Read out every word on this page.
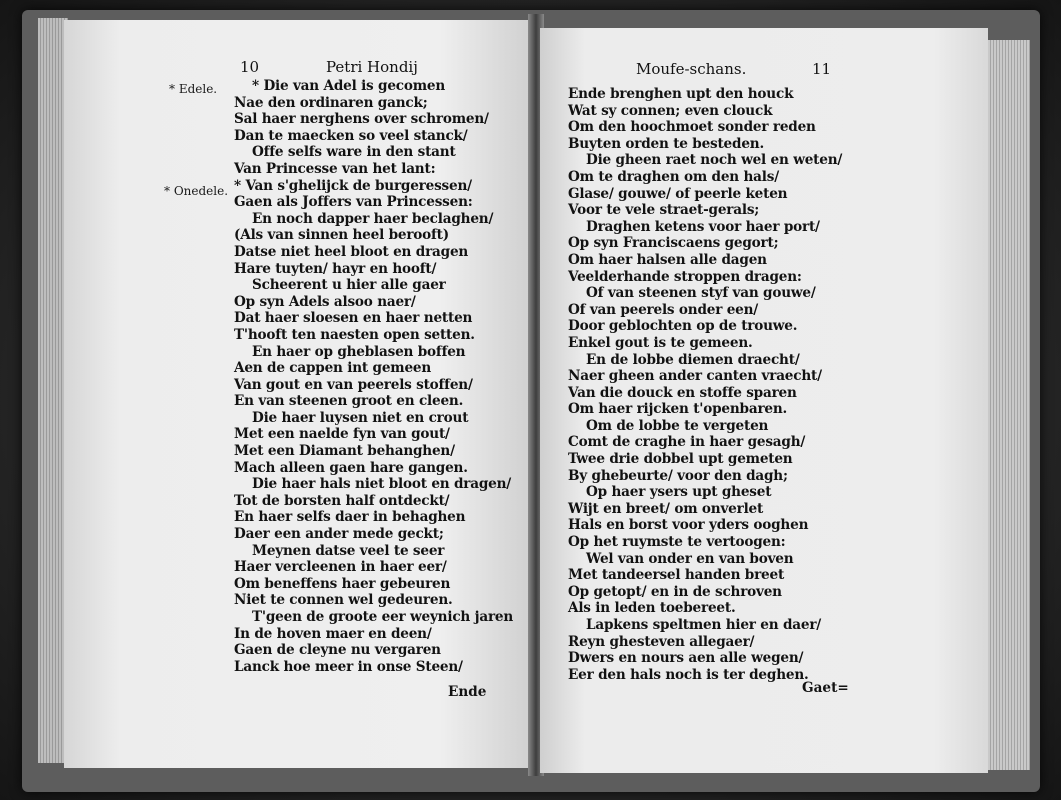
10	Petri Hondij
* Edele.
* Onedele.
* Die van Adel is gecomen
Nae den ordinaren ganck;
Sal haer nerghens over schromen/
Dan te maecken so veel stanck/
Offe selfs ware in den stant
Van Princesse van het lant:
* Van s'ghelijck de burgeressen/
Gaen als Joffers van Princessen:
En noch dapper haer beclaghen/
(Als van sinnen heel berooft)
Datse niet heel bloot en dragen
Hare tuyten/ hayr en hooft/
Scheerent u hier alle gaer
Op syn Adels alsoo naer/
Dat haer sloesen en haer netten
T'hooft ten naesten open setten.
En haer op gheblasen boffen
Aen de cappen int gemeen
Van gout en van peerels stoffen/
En van steenen groot en cleen.
Die haer luysen niet en crout
Met een naelde fyn van gout/
Met een Diamant behanghen/
Mach alleen gaen hare gangen.
Die haer hals niet bloot en dragen/
Tot de borsten half ontdeckt/
En haer selfs daer in behaghen
Daer een ander mede geckt;
Meynen datse veel te seer
Haer vercleenen in haer eer/
Om beneffens haer gebeuren
Niet te connen wel gedeuren.
T'geen de groote eer weynich jaren
In de hoven maer en deen/
Gaen de cleyne nu vergaren
Lanck hoe meer in onse Steen/
Ende
Moufe-schans.	11
Ende brenghen upt den houck
Wat sy connen; even clouck
Om den hoochmoet sonder reden
Buyten orden te besteden.
Die gheen raet noch wel en weten/
Om te draghen om den hals/
Glase/ gouwe/ of peerle keten
Voor te vele straet-gerals;
Draghen ketens voor haer port/
Op syn Franciscaens gegort;
Om haer halsen alle dagen
Veelderhande stroppen dragen:
Of van steenen styf van gouwe/
Of van peerels onder een/
Door geblochten op de trouwe.
Enkel gout is te gemeen.
En de lobbe diemen draecht/
Naer gheen ander canten vraecht/
Van die douck en stoffe sparen
Om haer rijcken t'openbaren.
Om de lobbe te vergeten
Comt de craghe in haer gesagh/
Twee drie dobbel upt gemeten
By ghebeurte/ voor den dagh;
Op haer ysers upt gheset
Wijt en breet/ om onverlet
Hals en borst voor yders ooghen
Op het ruymste te vertoogen:
Wel van onder en van boven
Met tandeersel handen breet
Op getopt/ en in de schroven
Als in leden toebereet.
Lapkens speltmen hier en daer/
Reyn ghesteven allegaer/
Dwers en nours aen alle wegen/
Eer den hals noch is ter deghen.
Gaet=
